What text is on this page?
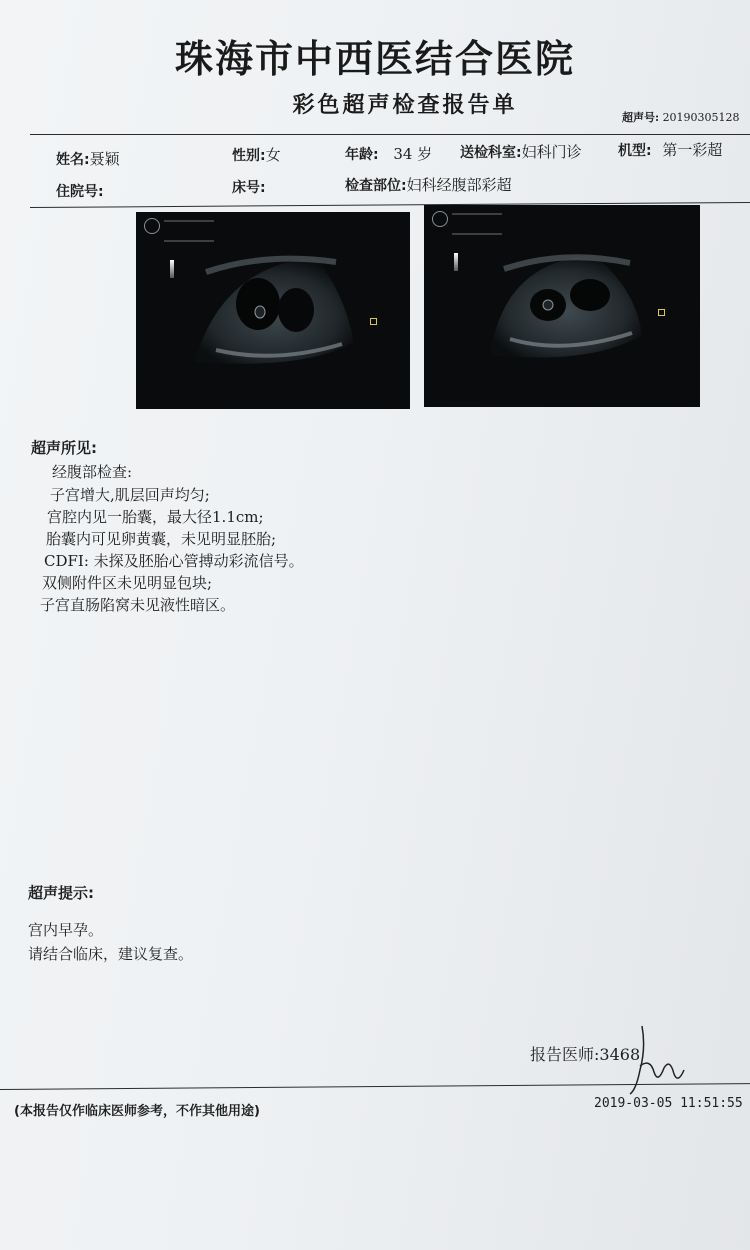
珠海市中西医结合医院
彩色超声检查报告单	超声号: 20190305128
姓名:聂颖	性别:女	年龄: 34 岁 送检科室:妇科门诊	机型: 第一彩超
住院号:	床号:	检查部位:妇科经腹部彩超
超声所见:
经腹部检查:
子宫增大,肌层回声均匀;
宫腔内见一胎囊，最大径1.1cm;
胎囊内可见卵黄囊，未见明显胚胎;
CDFI: 未探及胚胎心管搏动彩流信号。
双侧附件区未见明显包块;
子宫直肠陷窝未见液性暗区。
超声提示:
宫内早孕。
请结合临床，建议复查。
报告医师:3468
(本报告仅作临床医师参考，不作其他用途)
2019-03-05 11:51:55
